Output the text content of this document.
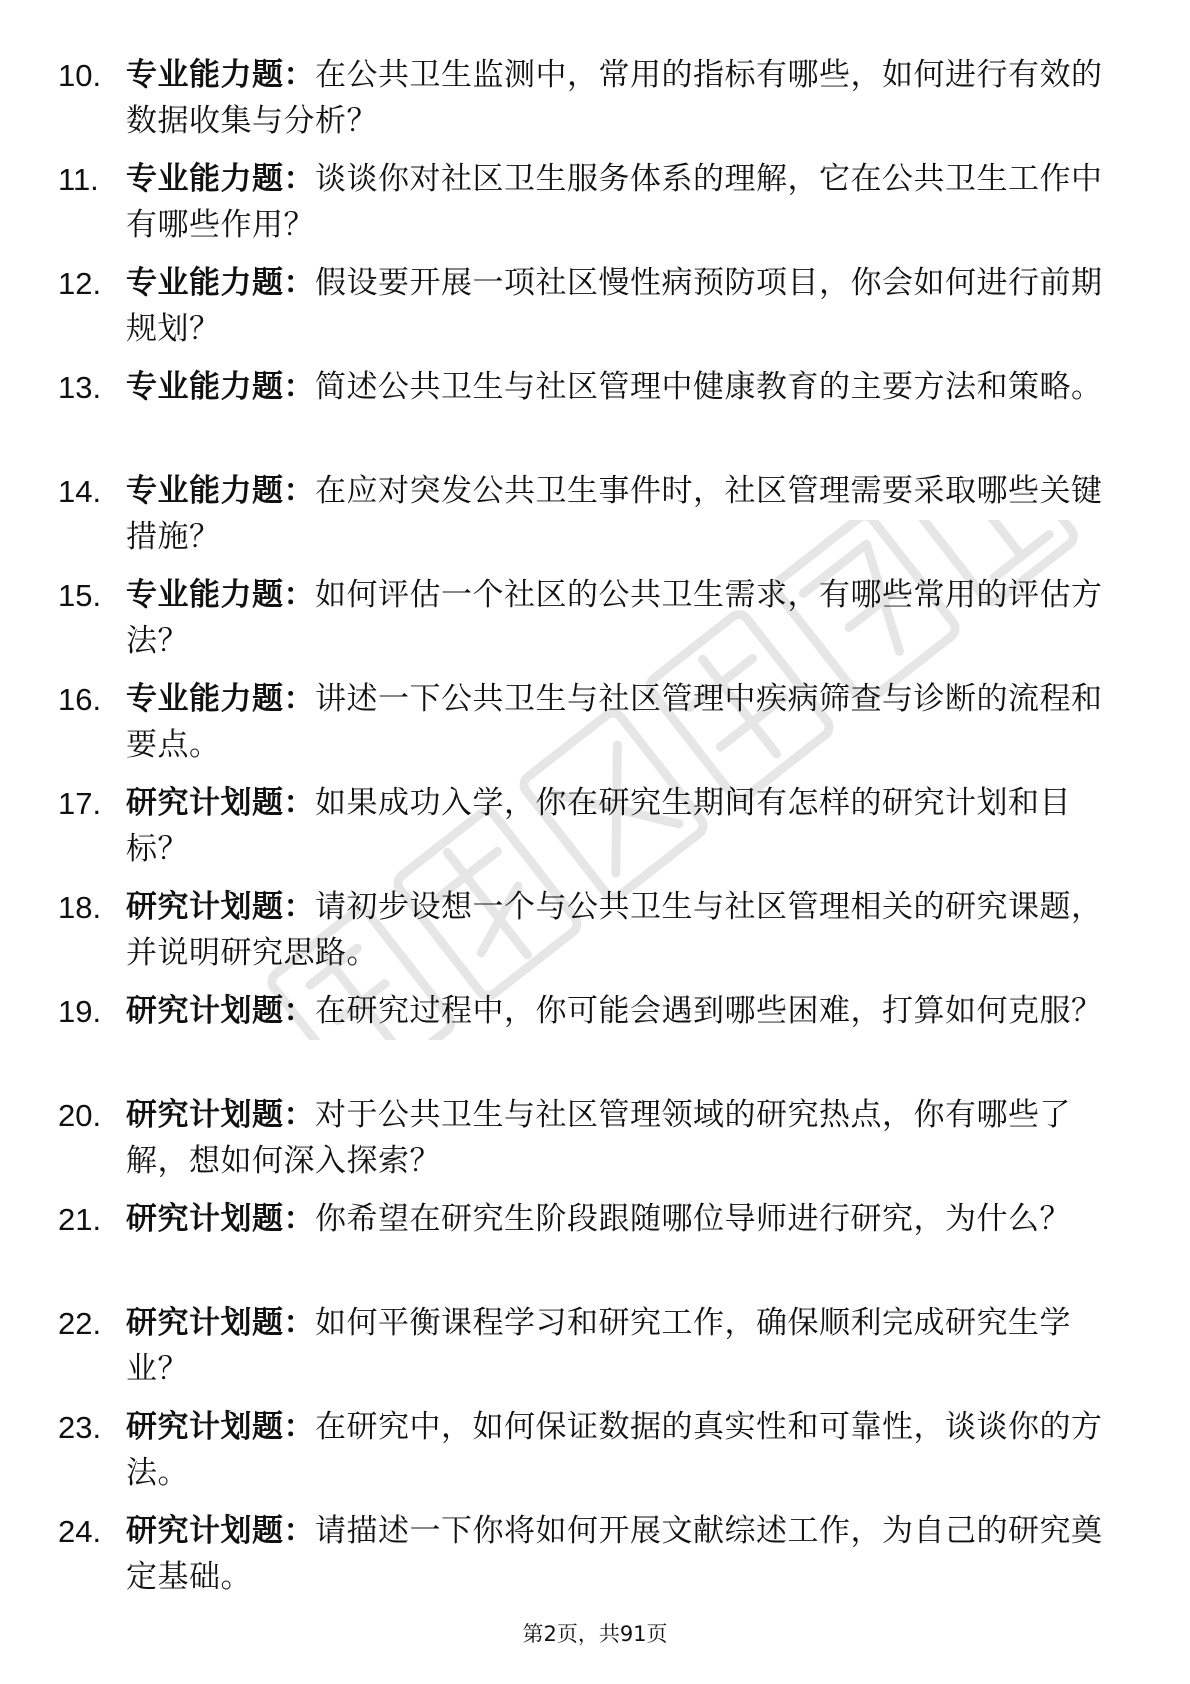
10. 专业能力题：在公共卫生监测中，常用的指标有哪些，如何进行有效的数据收集与分析？
11. 专业能力题：谈谈你对社区卫生服务体系的理解，它在公共卫生工作中有哪些作用？
12. 专业能力题：假设要开展一项社区慢性病预防项目，你会如何进行前期规划？
13. 专业能力题：简述公共卫生与社区管理中健康教育的主要方法和策略。
14. 专业能力题：在应对突发公共卫生事件时，社区管理需要采取哪些关键措施？
15. 专业能力题：如何评估一个社区的公共卫生需求，有哪些常用的评估方法？
16. 专业能力题：讲述一下公共卫生与社区管理中疾病筛查与诊断的流程和要点。
17. 研究计划题：如果成功入学，你在研究生期间有怎样的研究计划和目标？
18. 研究计划题：请初步设想一个与公共卫生与社区管理相关的研究课题，并说明研究思路。
19. 研究计划题：在研究过程中，你可能会遇到哪些困难，打算如何克服？
20. 研究计划题：对于公共卫生与社区管理领域的研究热点，你有哪些了解，想如何深入探索？
21. 研究计划题：你希望在研究生阶段跟随哪位导师进行研究，为什么？
22. 研究计划题：如何平衡课程学习和研究工作，确保顺利完成研究生学业？
23. 研究计划题：在研究中，如何保证数据的真实性和可靠性，谈谈你的方法。
24. 研究计划题：请描述一下你将如何开展文献综述工作，为自己的研究奠定基础。
第2页，共91页
